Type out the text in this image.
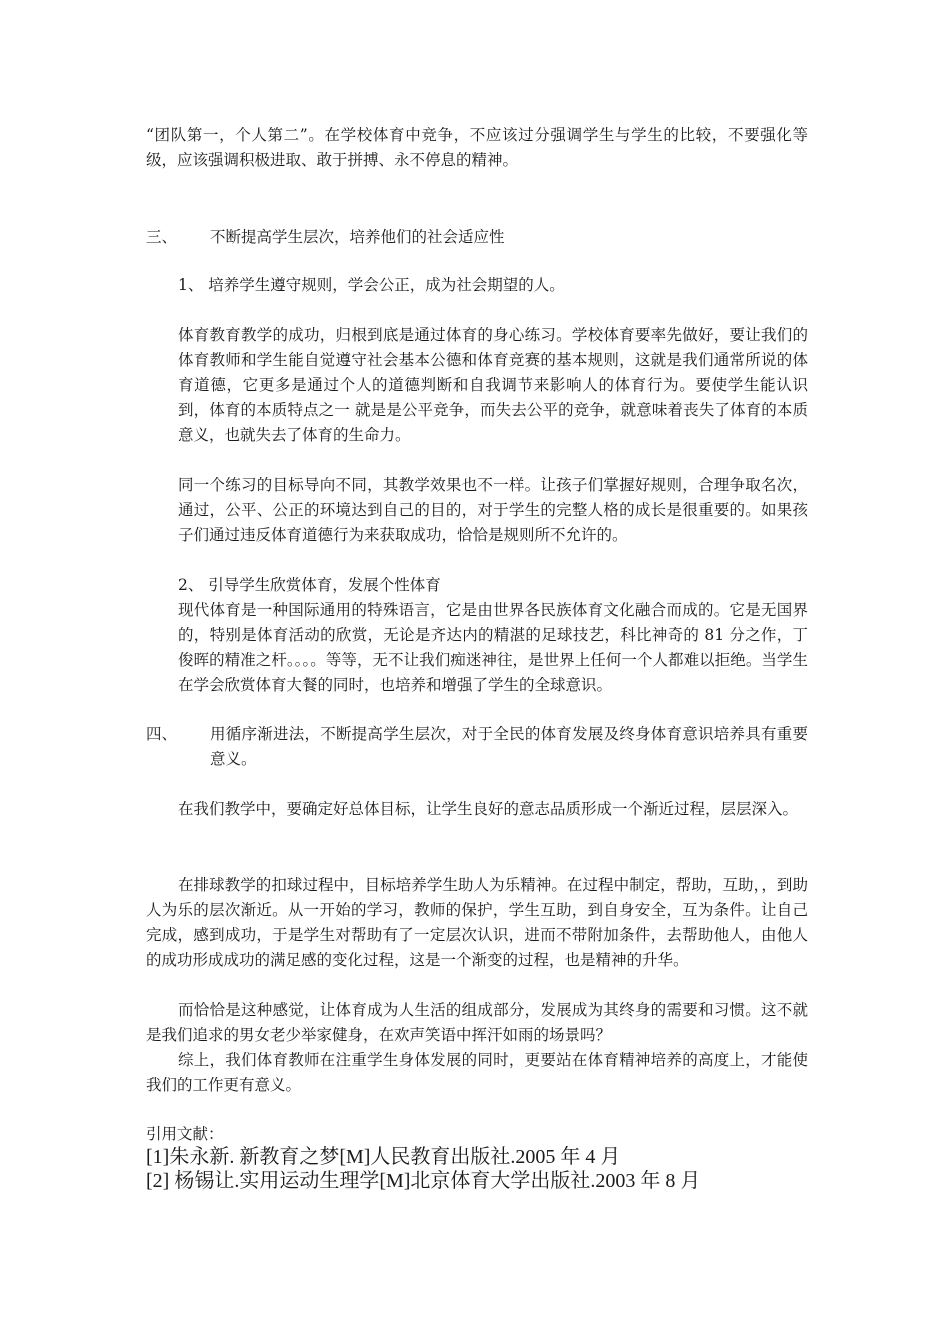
“团队第一，个人第二”。在学校体育中竞争，不应该过分强调学生与学生的比较，不要强化等级，应该强调积极进取、敢于拼搏、永不停息的精神。

三、 不断提高学生层次，培养他们的社会适应性

1、 培养学生遵守规则，学会公正，成为社会期望的人。

体育教育教学的成功，归根到底是通过体育的身心练习。学校体育要率先做好，要让我们的体育教师和学生能自觉遵守社会基本公德和体育竞赛的基本规则，这就是我们通常所说的体育道德，它更多是通过个人的道德判断和自我调节来影响人的体育行为。要使学生能认识到，体育的本质特点之一 就是是公平竞争，而失去公平的竞争，就意味着丧失了体育的本质意义，也就失去了体育的生命力。

同一个练习的目标导向不同，其教学效果也不一样。让孩子们掌握好规则，合理争取名次，通过，公平、公正的环境达到自己的目的，对于学生的完整人格的成长是很重要的。如果孩子们通过违反体育道德行为来获取成功，恰恰是规则所不允许的。

2、 引导学生欣赏体育，发展个性体育

现代体育是一种国际通用的特殊语言，它是由世界各民族体育文化融合而成的。它是无国界的，特别是体育活动的欣赏，无论是齐达内的精湛的足球技艺，科比神奇的 81 分之作，丁俊晖的精准之杆。。。。等等，无不让我们痴迷神往，是世界上任何一个人都难以拒绝。当学生在学会欣赏体育大餐的同时，也培养和增强了学生的全球意识。

四、 用循序渐进法，不断提高学生层次，对于全民的体育发展及终身体育意识培养具有重要意义。

在我们教学中，要确定好总体目标，让学生良好的意志品质形成一个渐近过程，层层深入。

在排球教学的扣球过程中，目标培养学生助人为乐精神。在过程中制定，帮助，互助，，到助人为乐的层次渐近。从一开始的学习，教师的保护，学生互助，到自身安全，互为条件。让自己完成，感到成功，于是学生对帮助有了一定层次认识，进而不带附加条件，去帮助他人，由他人的成功形成成功的满足感的变化过程，这是一个渐变的过程，也是精神的升华。

而恰恰是这种感觉，让体育成为人生活的组成部分，发展成为其终身的需要和习惯。这不就是我们追求的男女老少举家健身，在欢声笑语中挥汗如雨的场景吗？

综上，我们体育教师在注重学生身体发展的同时，更要站在体育精神培养的高度上，才能使我们的工作更有意义。

引用文献：
[1]朱永新. 新教育之梦[M]人民教育出版社.2005 年 4 月
[2] 杨锡让.实用运动生理学[M]北京体育大学出版社.2003 年 8 月
